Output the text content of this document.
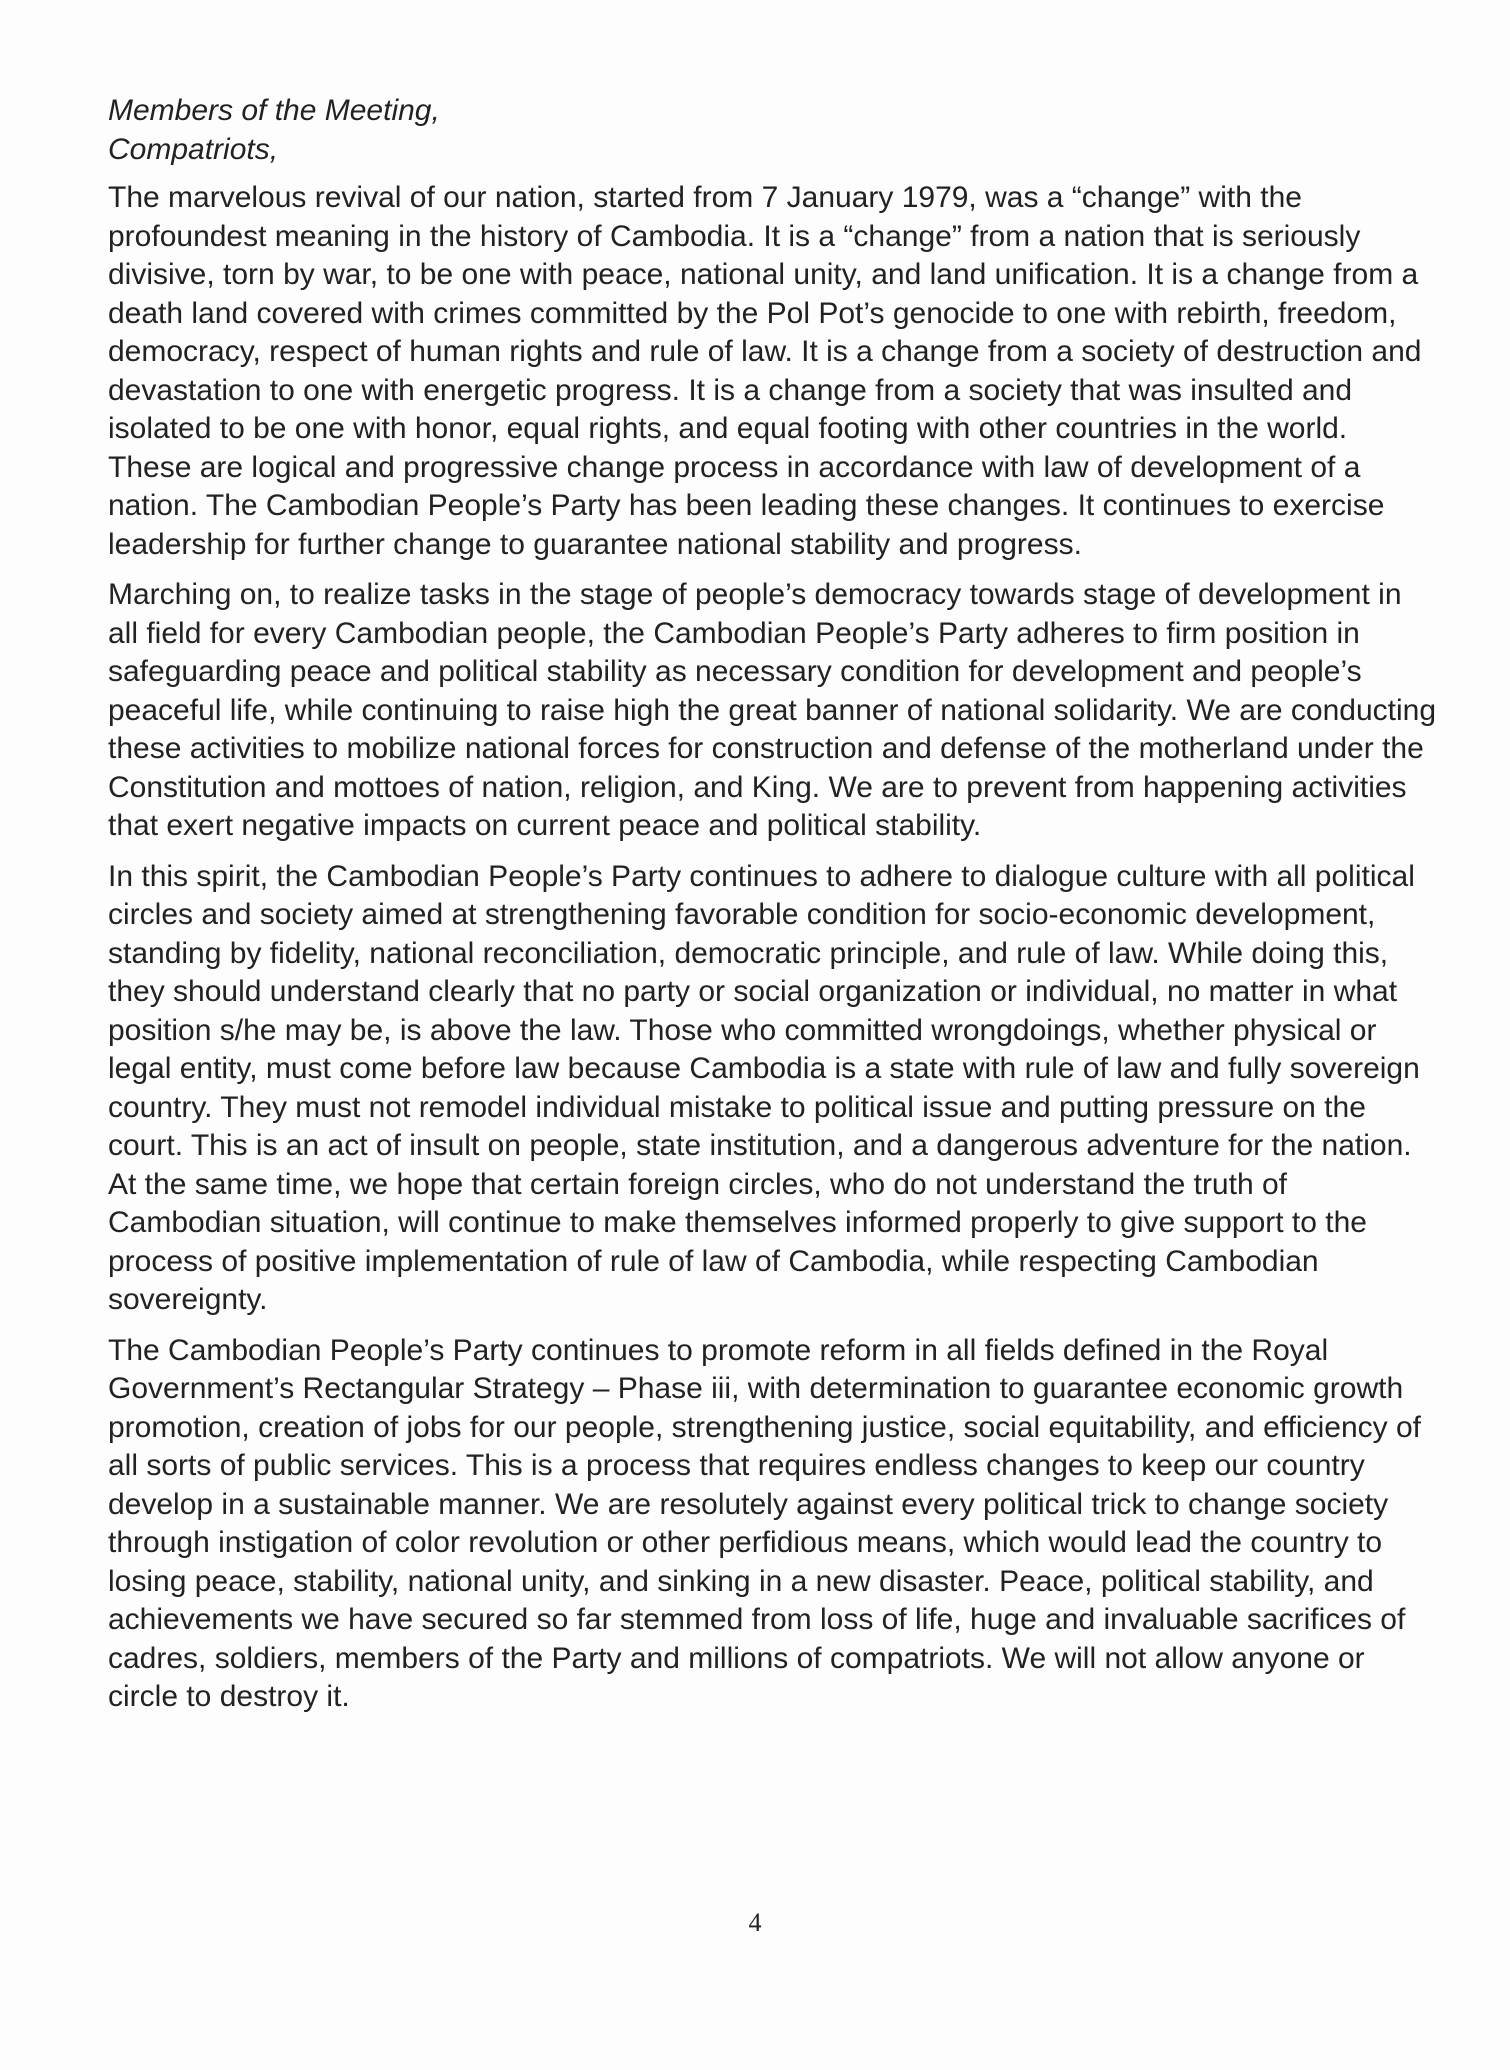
Members of the Meeting,
Compatriots,

The marvelous revival of our nation, started from 7 January 1979, was a “change” with the profoundest meaning in the history of Cambodia. It is a “change” from a nation that is seriously divisive, torn by war, to be one with peace, national unity, and land unification. It is a change from a death land covered with crimes committed by the Pol Pot’s genocide to one with rebirth, freedom, democracy, respect of human rights and rule of law. It is a change from a society of destruction and devastation to one with energetic progress. It is a change from a society that was insulted and isolated to be one with honor, equal rights, and equal footing with other countries in the world. These are logical and progressive change process in accordance with law of development of a nation. The Cambodian People’s Party has been leading these changes. It continues to exercise leadership for further change to guarantee national stability and progress.

Marching on, to realize tasks in the stage of people’s democracy towards stage of development in all field for every Cambodian people, the Cambodian People’s Party adheres to firm position in safeguarding peace and political stability as necessary condition for development and people’s peaceful life, while continuing to raise high the great banner of national solidarity. We are conducting these activities to mobilize national forces for construction and defense of the motherland under the Constitution and mottoes of nation, religion, and King. We are to prevent from happening activities that exert negative impacts on current peace and political stability.

In this spirit, the Cambodian People’s Party continues to adhere to dialogue culture with all political circles and society aimed at strengthening favorable condition for socio-economic development, standing by fidelity, national reconciliation, democratic principle, and rule of law. While doing this, they should understand clearly that no party or social organization or individual, no matter in what position s/he may be, is above the law. Those who committed wrongdoings, whether physical or legal entity, must come before law because Cambodia is a state with rule of law and fully sovereign country. They must not remodel individual mistake to political issue and putting pressure on the court. This is an act of insult on people, state institution, and a dangerous adventure for the nation. At the same time, we hope that certain foreign circles, who do not understand the truth of Cambodian situation, will continue to make themselves informed properly to give support to the process of positive implementation of rule of law of Cambodia, while respecting Cambodian sovereignty.

The Cambodian People’s Party continues to promote reform in all fields defined in the Royal Government’s Rectangular Strategy – Phase iii, with determination to guarantee economic growth promotion, creation of jobs for our people, strengthening justice, social equitability, and efficiency of all sorts of public services. This is a process that requires endless changes to keep our country develop in a sustainable manner. We are resolutely against every political trick to change society through instigation of color revolution or other perfidious means, which would lead the country to losing peace, stability, national unity, and sinking in a new disaster. Peace, political stability, and achievements we have secured so far stemmed from loss of life, huge and invaluable sacrifices of cadres, soldiers, members of the Party and millions of compatriots. We will not allow anyone or circle to destroy it.

4
